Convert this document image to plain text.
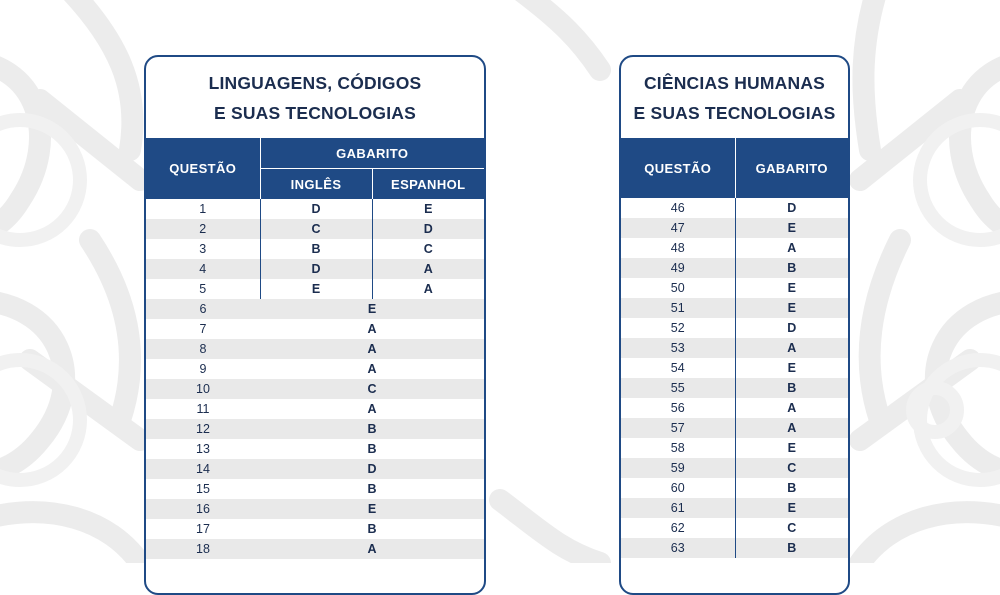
LINGUAGENS, CÓDIGOS
E SUAS TECNOLOGIAS
QUESTÃO	GABARITO	
	INGLÊS	ESPANHOL
1	D	E
2	C	D
3	B	C
4	D	A
5	E	A
6	E	
7	A	
8	A	
9	A	
10	C	
11	A	
12	B	
13	B	
14	D	
15	B	
16	E	
17	B	
18	A	
CIÊNCIAS HUMANAS
E SUAS TECNOLOGIAS
QUESTÃO	GABARITO
46	D
47	E
48	A
49	B
50	E
51	E
52	D
53	A
54	E
55	B
56	A
57	A
58	E
59	C
60	B
61	E
62	C
63	B
